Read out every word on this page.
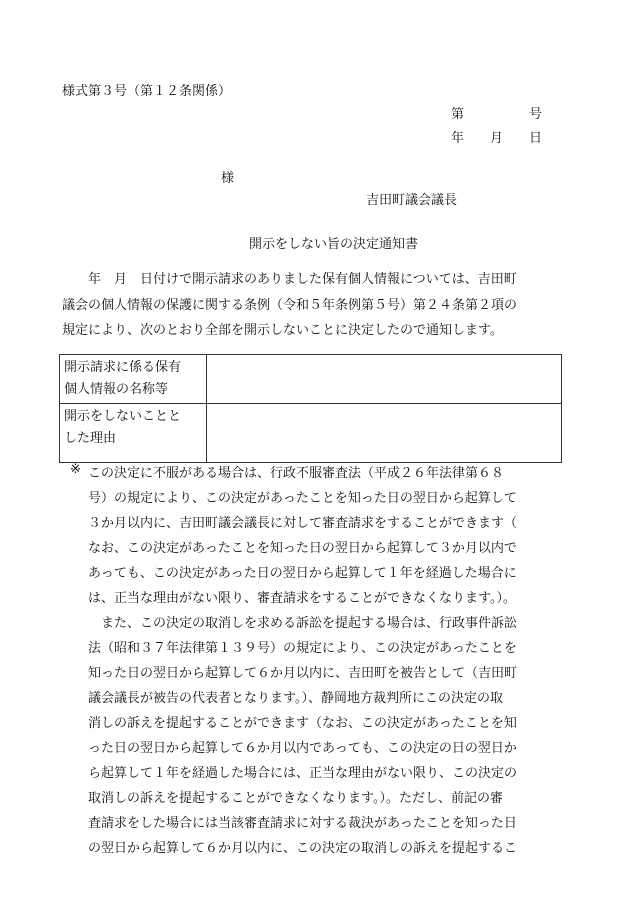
様式第３号（第１２条関係）
第　　　　　号
年　　月　　日
様
吉田町議会議長
開示をしない旨の決定通知書
　　年　月　日付けで開示請求のありました保有個人情報については、吉田町
議会の個人情報の保護に関する条例（令和５年条例第５号）第２４条第２項の
規定により、次のとおり全部を開示しないことに決定したので通知します。
開示請求に係る保有
個人情報の名称等	

開示をしないことと
した理由	

※ この決定に不服がある場合は、行政不服審査法（平成２６年法律第６８
号）の規定により、この決定があったことを知った日の翌日から起算して
３か月以内に、吉田町議会議長に対して審査請求をすることができます（
なお、この決定があったことを知った日の翌日から起算して３か月以内で
あっても、この決定があった日の翌日から起算して１年を経過した場合に
は、正当な理由がない限り、審査請求をすることができなくなります。）。
　また、この決定の取消しを求める訴訟を提起する場合は、行政事件訴訟
法（昭和３７年法律第１３９号）の規定により、この決定があったことを
知った日の翌日から起算して６か月以内に、吉田町を被告として（吉田町
議会議長が被告の代表者となります。）、静岡地方裁判所にこの決定の取
消しの訴えを提起することができます（なお、この決定があったことを知
った日の翌日から起算して６か月以内であっても、この決定の日の翌日か
ら起算して１年を経過した場合には、正当な理由がない限り、この決定の
取消しの訴えを提起することができなくなります。）。ただし、前記の審
査請求をした場合には当該審査請求に対する裁決があったことを知った日
の翌日から起算して６か月以内に、この決定の取消しの訴えを提起するこ
